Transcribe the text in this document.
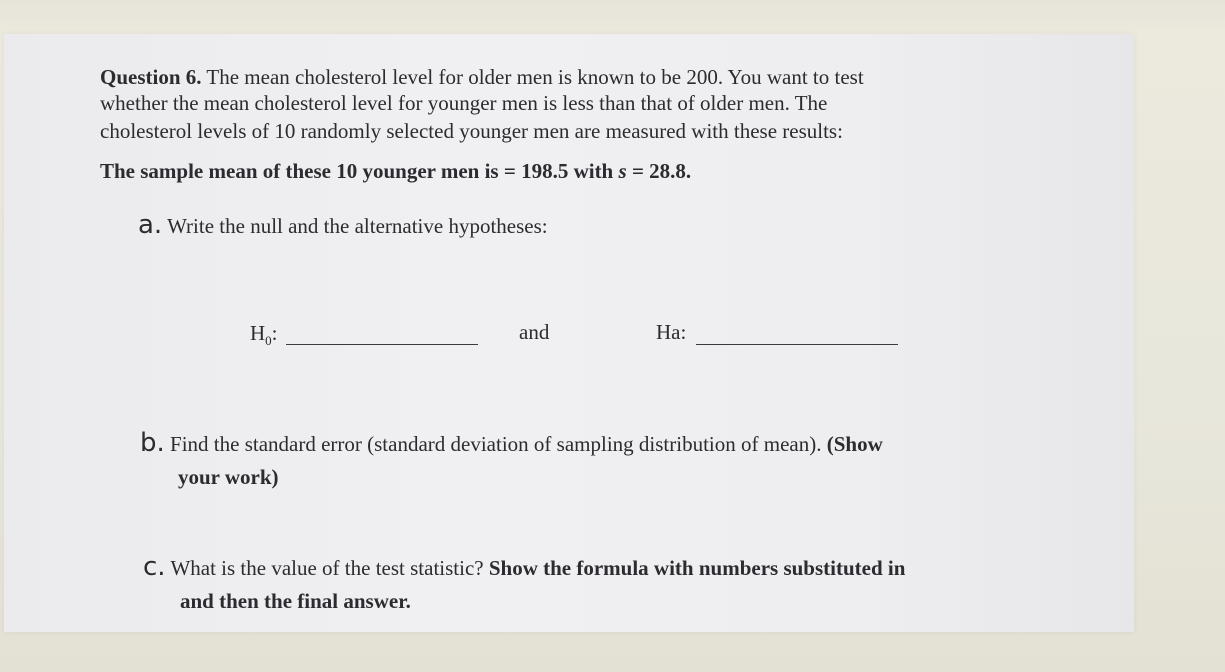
Question 6. The mean cholesterol level for older men is known to be 200. You want to test
whether the mean cholesterol level for younger men is less than that of older men. The
cholesterol levels of 10 randomly selected younger men are measured with these results:
The sample mean of these 10 younger men is = 198.5 with s = 28.8.
a. Write the null and the alternative hypotheses:
$H_0$:	and	Ha:
b. Find the standard error (standard deviation of sampling distribution of mean). (Show
your work)
c. What is the value of the test statistic? Show the formula with numbers substituted in
and then the final answer.
